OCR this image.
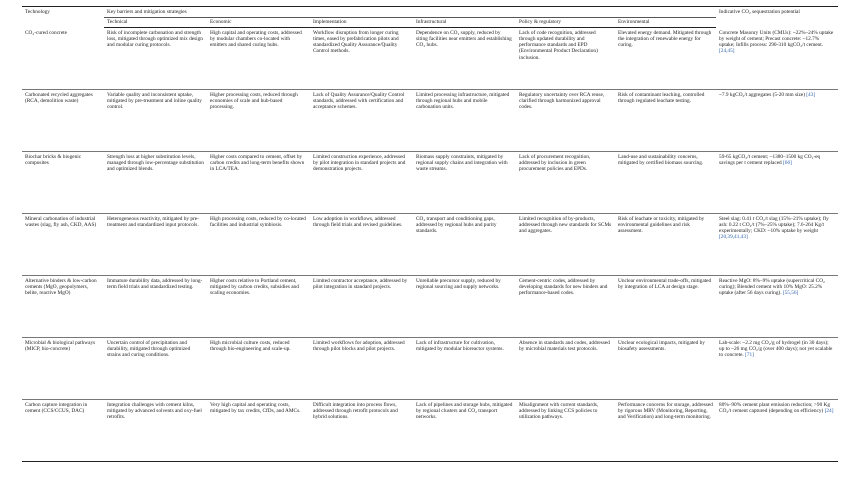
Technology	Key barriers and mitigation strategies						Indicative CO₂ sequestration potential
	Technical	Economic	Implementation	Infrastructural	Policy & regulatory	Environmental	
CO₂-cured concrete	Risk of incomplete carbonation and strength loss, mitigated through optimized mix design and modular curing protocols.	High capital and operating costs, addressed by modular chambers co-located with emitters and shared curing hubs.	Workflow disruption from longer curing times, eased by prefabrication pilots and standardized Quality Assurance/Quality Control methods.	Dependence on CO₂ supply, reduced by siting facilities near emitters and establishing CO₂ hubs.	Lack of code recognition, addressed through updated durability and performance standards and EPD (Environmental Product Declaration) inclusion.	Elevated energy demand. Mitigated through the integration of renewable energy for curing.	Concrete Masonry Units (CMUs): ~22%–24% uptake by weight of cement; Precast concrete: ~12.7% uptake; Infills process: 290-310 kgCO₂/t cement. [24,45]
Carbonated recycled aggregates (RCA, demolition waste)	Variable quality and inconsistent uptake, mitigated by pre-treatment and inline quality control.	Higher processing costs, reduced through economies of scale and hub-based processing.	Lack of Quality Assurance/Quality Control standards, addressed with certification and acceptance schemes.	Limited processing infrastructure, mitigated through regional hubs and mobile carbonation units.	Regulatory uncertainty over RCA reuse, clarified through harmonized approval codes.	Risk of contaminant leaching, controlled through regulated leachate testing.	~7.9 kgCO₂/t aggregates (5-20 mm size) [43]
Biochar bricks & biogenic composites	Strength loss at higher substitution levels, managed through low-percentage substitution and optimized blends.	Higher costs compared to cement, offset by carbon credits and long-term benefits shown in LCA/TEA.	Limited construction experience, addressed by pilot integration in standard projects and demonstration projects.	Biomass supply constraints, mitigated by regional supply chains and integration with waste streams.	Lack of procurement recognition, addressed by inclusion in green procurement policies and EPDs.	Land-use and sustainability concerns, mitigated by certified biomass sourcing.	59-65 kgCO₂/t cement; ~1380–1500 kg CO₂-eq savings per t cement replaced [66]
Mineral carbonation of industrial wastes (slag, fly ash, CKD, AAS)	Heterogeneous reactivity, mitigated by pre-treatment and standardized input protocols.	High processing costs, reduced by co-located facilities and industrial symbiosis.	Low adoption in workflows, addressed through field trials and revised guidelines.	CO₂ transport and conditioning gaps, addressed by regional hubs and purity standards.	Limited recognition of by-products, addressed through new standards for SCMs and aggregates.	Risk of leachate or toxicity, mitigated by environmental guidelines and risk assessment.	Steel slag: 0.41 t CO₂/t slag (15%–21% uptake); fly ash: 0.22 t CO₂/t (7%–25% uptake); 7.6-264 Kg/t experimentally; CKD: ~10% uptake by weight [20,39,41,43]
Alternative binders & low-carbon cements (MgO, geopolymers, belite, reactive MgO)	Immature durability data, addressed by long-term field trials and standardized testing.	Higher costs relative to Portland cement, mitigated by carbon credits, subsidies and scaling economies.	Limited contractor acceptance, addressed by pilot integration in standard projects.	Unreliable precursor supply, reduced by regional sourcing and supply networks.	Cement-centric codes, addressed by developing standards for new binders and performance-based codes.	Unclear environmental trade-offs, mitigated by integration of LCA at design stage.	Reactive MgO: 8%–9% uptake (supercritical CO₂ curing); Blended cement with 10% MgO: 25.2% uptake (after 56 days curing). [55,56]
Microbial & biological pathways (MICP, bio-concrete)	Uncertain control of precipitation and durability, mitigated through optimized strains and curing conditions.	High microbial culture costs, reduced through bio-engineering and scale-up.	Limited workflows for adoption, addressed through pilot blocks and pilot projects.	Lack of infrastructure for cultivation, mitigated by modular bioreactor systems.	Absence in standards and codes, addressed by microbial materials test protocols.	Unclear ecological impacts, mitigated by biosafety assessments.	Lab-scale: ~2.2 mg CO₂/g of hydrogel (in 30 days); up to ~26 mg CO₂/g (over 400 days); not yet scalable to concrete. [71]
Carbon capture integration in cement (CCS/CCUS, DAC)	Integration challenges with cement kilns, mitigated by advanced solvents and oxy-fuel retrofits.	Very high capital and operating costs, mitigated by tax credits, CfDs, and AMCs.	Difficult integration into process flows, addressed through retrofit protocols and hybrid solutions.	Lack of pipelines and storage hubs, mitigated by regional clusters and CO₂ transport networks.	Misalignment with current standards, addressed by linking CCS policies to utilization pathways.	Performance concerns for storage, addressed by rigorous MRV (Monitoring, Reporting, and Verification) and long-term monitoring.	80%–90% cement plant emission reduction; >90 Kg CO₂/t cement captured (depending on efficiency) [24]
